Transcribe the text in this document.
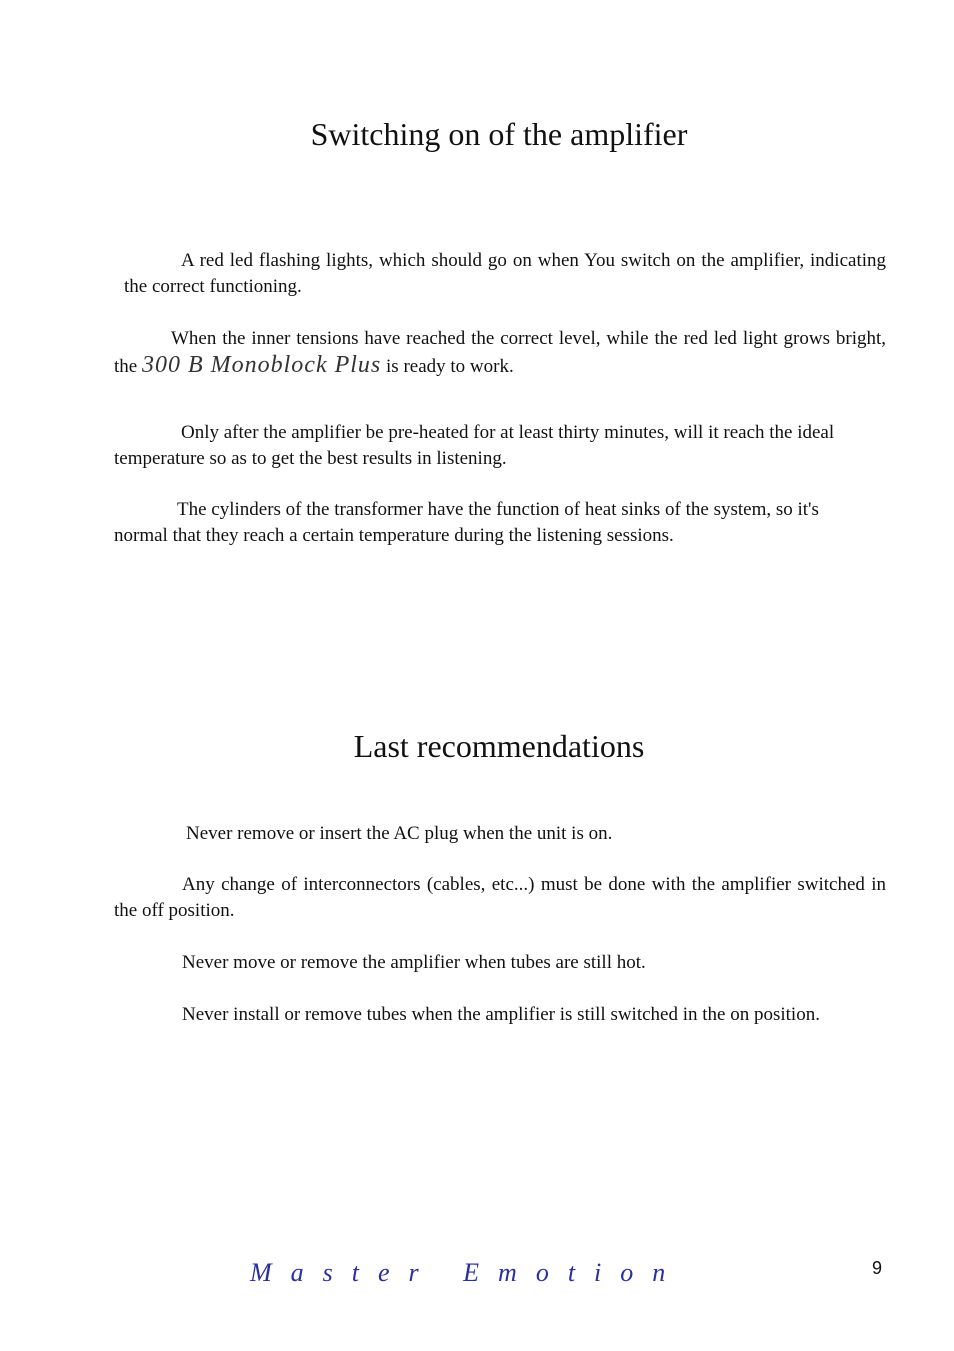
Switching on of the amplifier

A red led flashing lights, which should go on when You switch on the amplifier, indicating the correct functioning.

When the inner tensions have reached the correct level, while the red led light grows bright, the 300 B Monoblock Plus is ready to work.

Only after the amplifier be pre-heated for at least thirty minutes, will it reach the ideal temperature so as to get the best results in listening.

The cylinders of the transformer have the function of heat sinks of the system, so it's normal that they reach a certain temperature during the listening sessions.

Last recommendations

Never remove or insert the AC plug when the unit is on.

Any change of interconnectors (cables, etc...) must be done with the amplifier switched in the off position.

Never move or remove the amplifier when tubes are still hot.

Never install or remove tubes when the amplifier is still switched in the on position.

Master Emotion	9
